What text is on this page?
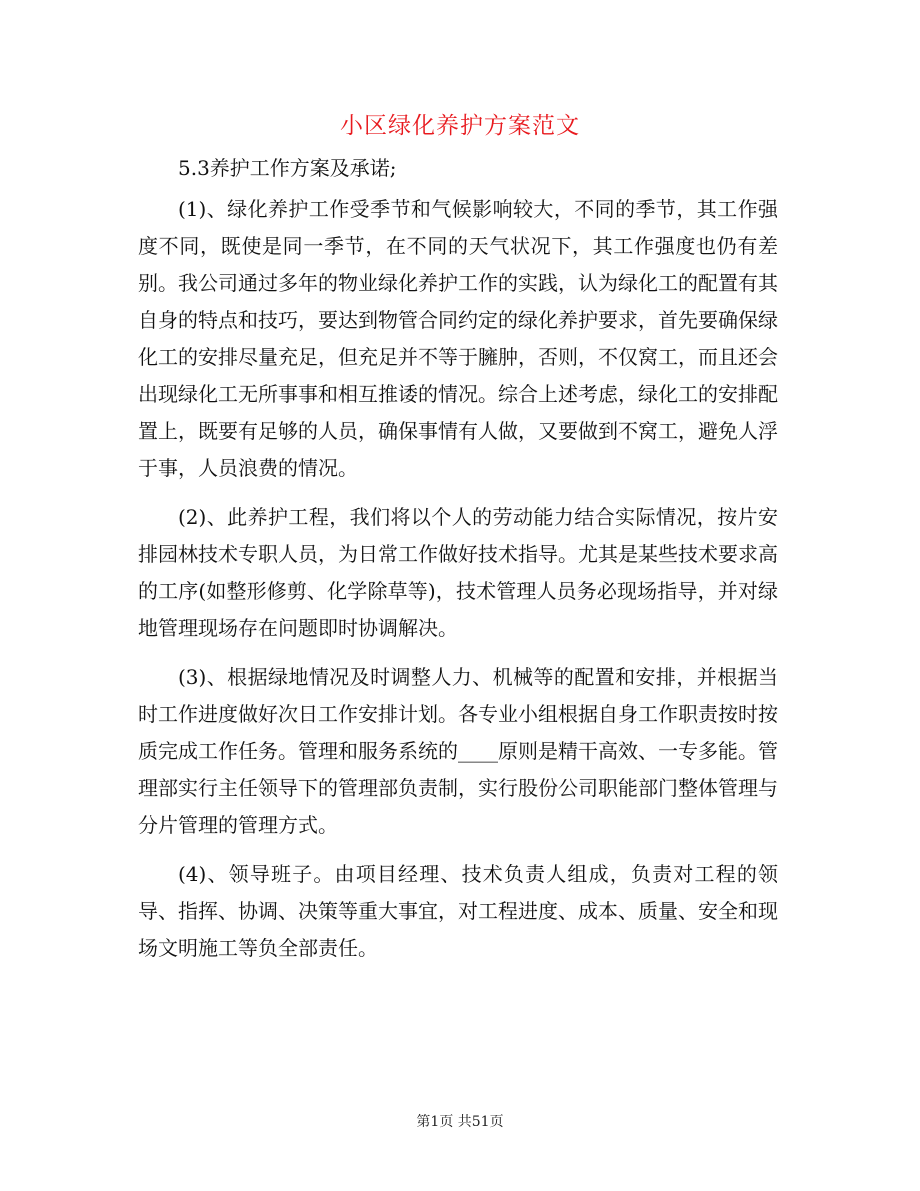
小区绿化养护方案范文

5.3养护工作方案及承诺;

(1)、绿化养护工作受季节和气候影响较大，不同的季节，其工作强度不同，既使是同一季节，在不同的天气状况下，其工作强度也仍有差别。我公司通过多年的物业绿化养护工作的实践，认为绿化工的配置有其自身的特点和技巧，要达到物管合同约定的绿化养护要求，首先要确保绿化工的安排尽量充足，但充足并不等于臃肿，否则，不仅窝工，而且还会出现绿化工无所事事和相互推诿的情况。综合上述考虑，绿化工的安排配置上，既要有足够的人员，确保事情有人做，又要做到不窝工，避免人浮于事，人员浪费的情况。

(2)、此养护工程，我们将以个人的劳动能力结合实际情况，按片安排园林技术专职人员，为日常工作做好技术指导。尤其是某些技术要求高的工序(如整形修剪、化学除草等)，技术管理人员务必现场指导，并对绿地管理现场存在问题即时协调解决。

(3)、根据绿地情况及时调整人力、机械等的配置和安排，并根据当时工作进度做好次日工作安排计划。各专业小组根据自身工作职责按时按质完成工作任务。管理和服务系统的____原则是精干高效、一专多能。管理部实行主任领导下的管理部负责制，实行股份公司职能部门整体管理与分片管理的管理方式。

(4)、领导班子。由项目经理、技术负责人组成，负责对工程的领导、指挥、协调、决策等重大事宜，对工程进度、成本、质量、安全和现场文明施工等负全部责任。

第1页 共51页
